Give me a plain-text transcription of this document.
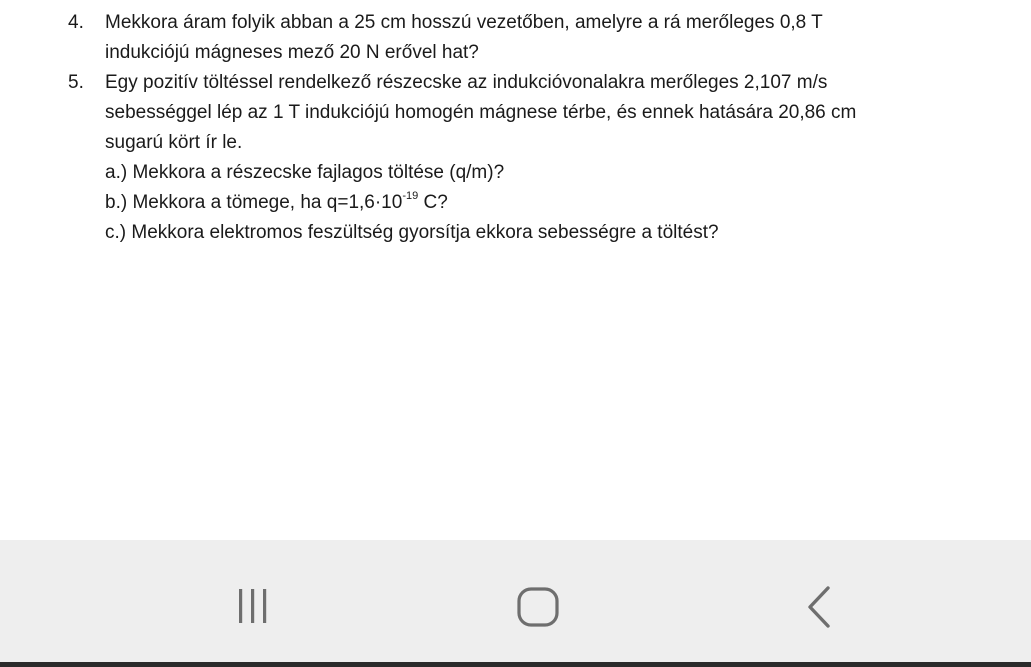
4.	Mekkora áram folyik abban a 25 cm hosszú vezetőben, amelyre a rá merőleges 0,8 T
indukciójú mágneses mező 20 N erővel hat?
5.	Egy pozitív töltéssel rendelkező részecske az indukcióvonalakra merőleges 2,107 m/s
sebességgel lép az 1 T indukciójú homogén mágnese térbe, és ennek hatására 20,86 cm
sugarú kört ír le.
a.) Mekkora a részecske fajlagos töltése (q/m)?
b.) Mekkora a tömege, ha $q=1,6\cdot 10^{-19}$ C?
c.) Mekkora elektromos feszültség gyorsítja ekkora sebességre a töltést?
